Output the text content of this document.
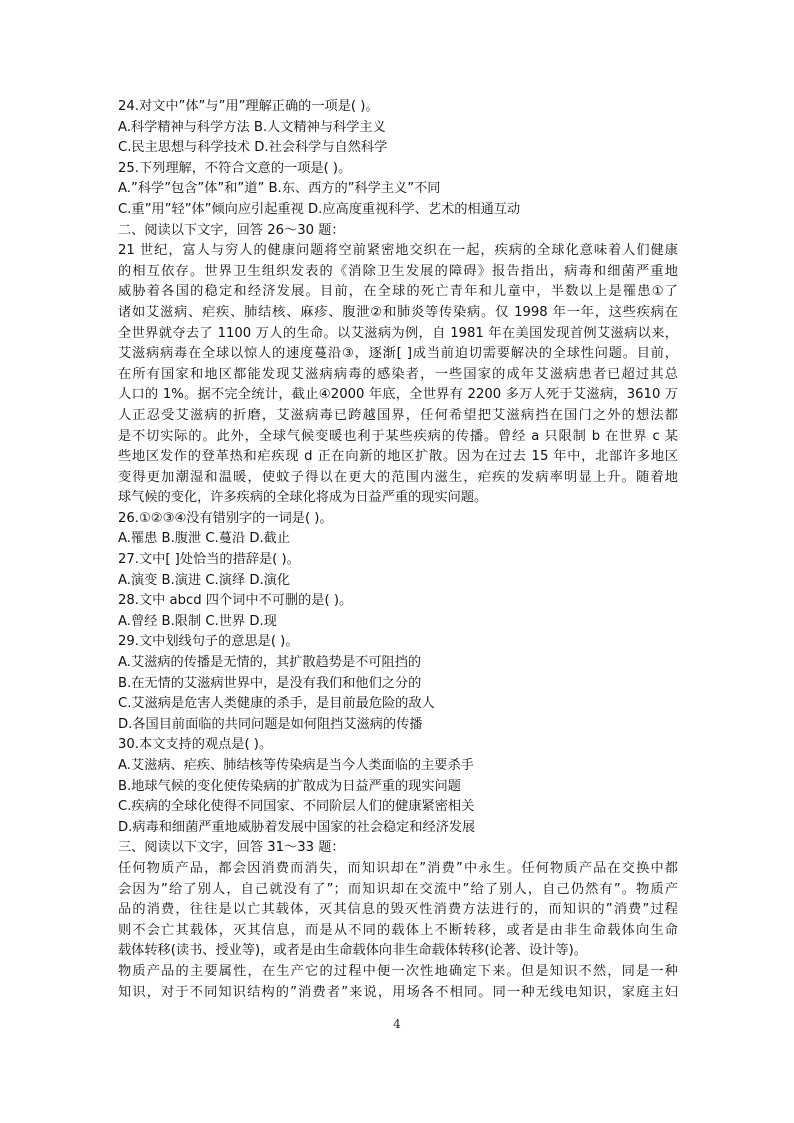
24.对文中”体”与”用”理解正确的一项是( )。
A.科学精神与科学方法 B.人文精神与科学主义
C.民主思想与科学技术 D.社会科学与自然科学
25.下列理解，不符合文意的一项是( )。
A.”科学”包含”体”和”道” B.东、西方的”科学主义”不同
C.重”用”轻”体”倾向应引起重视 D.应高度重视科学、艺术的相通互动
二、阅读以下文字，回答 26～30 题：
21 世纪，富人与穷人的健康问题将空前紧密地交织在一起，疾病的全球化意味着人们健康
的相互依存。世界卫生组织发表的《消除卫生发展的障碍》报告指出，病毒和细菌严重地
威胁着各国的稳定和经济发展。目前，在全球的死亡青年和儿童中，半数以上是罹患①了
诸如艾滋病、疟疾、肺结核、麻疹、腹泄②和肺炎等传染病。仅 1998 年一年，这些疾病在
全世界就夺去了 1100 万人的生命。以艾滋病为例，自 1981 年在美国发现首例艾滋病以来，
艾滋病病毒在全球以惊人的速度蔓沿③，逐渐[ ]成当前迫切需要解决的全球性问题。目前，
在所有国家和地区都能发现艾滋病病毒的感染者，一些国家的成年艾滋病患者已超过其总
人口的 1%。据不完全统计，截止④2000 年底，全世界有 2200 多万人死于艾滋病，3610 万
人正忍受艾滋病的折磨，艾滋病毒已跨越国界，任何希望把艾滋病挡在国门之外的想法都
是不切实际的。此外，全球气候变暖也利于某些疾病的传播。曾经 a 只限制 b 在世界 c 某
些地区发作的登革热和疟疾现 d 正在向新的地区扩散。因为在过去 15 年中，北部许多地区
变得更加潮湿和温暖，使蚊子得以在更大的范围内滋生，疟疾的发病率明显上升。随着地
球气候的变化，许多疾病的全球化将成为日益严重的现实问题。
26.①②③④没有错别字的一词是( )。
A.罹患 B.腹泄 C.蔓沿 D.截止
27.文中[ ]处恰当的措辞是( )。
A.演变 B.演进 C.演绎 D.演化
28.文中 abcd 四个词中不可删的是( )。
A.曾经 B.限制 C.世界 D.现
29.文中划线句子的意思是( )。
A.艾滋病的传播是无情的，其扩散趋势是不可阻挡的
B.在无情的艾滋病世界中，是没有我们和他们之分的
C.艾滋病是危害人类健康的杀手，是目前最危险的敌人
D.各国目前面临的共同问题是如何阻挡艾滋病的传播
30.本文支持的观点是( )。
A.艾滋病、疟疾、肺结核等传染病是当今人类面临的主要杀手
B.地球气候的变化使传染病的扩散成为日益严重的现实问题
C.疾病的全球化使得不同国家、不同阶层人们的健康紧密相关
D.病毒和细菌严重地威胁着发展中国家的社会稳定和经济发展
三、阅读以下文字，回答 31～33 题：
任何物质产品，都会因消费而消失，而知识却在”消费”中永生。任何物质产品在交换中都
会因为”给了别人，自己就没有了”；而知识却在交流中”给了别人，自己仍然有”。物质产
品的消费，往往是以亡其载体，灭其信息的毁灭性消费方法进行的，而知识的”消费”过程
则不会亡其载体，灭其信息，而是从不同的载体上不断转移，或者是由非生命载体向生命
载体转移(读书、授业等)，或者是由生命载体向非生命载体转移(论著、设计等)。
物质产品的主要属性，在生产它的过程中便一次性地确定下来。但是知识不然，同是一种
知识，对于不同知识结构的”消费者”来说，用场各不相同。同一种无线电知识，家庭主妇
4
